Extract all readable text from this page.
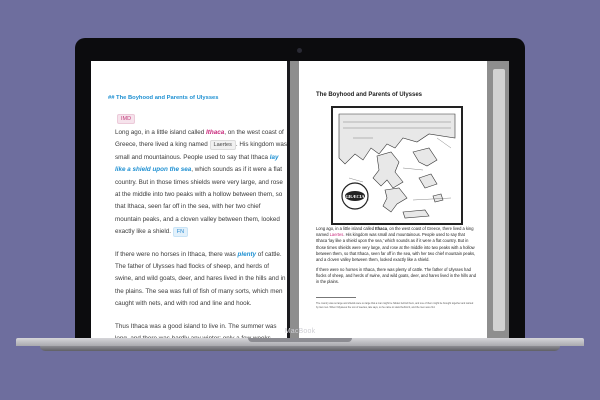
## The Boyhood and Parents of Ulysses
IMD

Long ago, in a little island called Ithaca, on the west coast of Greece, there lived a king named Laertes . His kingdom was small and mountainous. People used to say that Ithaca lay like a shield upon the sea, which sounds as if it were a flat country. But in those times shields were very large, and rose at the middle into two peaks with a hollow between them, so that Ithaca, seen far off in the sea, with her two chief mountain peaks, and a cloven valley between them, looked exactly like a shield. FN

If there were no horses in Ithaca, there was plenty of cattle. The father of Ulysses had flocks of sheep, and herds of swine, and wild goats, deer, and hares lived in the hills and in the plains. The sea was full of fish of many sorts, which men caught with nets, and with rod and line and hook.

Thus Ithaca was a good island to live in. The summer was

The Boyhood and Parents of Ulysses
GRÆCIA
Long ago, in a little island called Ithaca, on the west coast of Greece, there lived a king named Laertes. His kingdom was small and mountainous. People used to say that Ithaca 'lay like a shield upon the sea,' which sounds as if it were a flat country. But in those times shields were very large, and rose at the middle into two peaks with a hollow between them, so that Ithaca, seen far off in the sea, with her two chief mountain peaks, and a cloven valley between them, looked exactly like a shield.
If there were no horses in Ithaca, there was plenty of cattle. The father of Ulysses had flocks of sheep, and herds of swine, and wild goats, deer, and hares lived in the hills and in the plains.
The country was so large and shields were so large that a man might be hidden behind them, and one of them might be brought together and carried by two men. When Odysseus the son of Laertes, tale says, so he came to stand behind it, and the men were hid.
MacBook
